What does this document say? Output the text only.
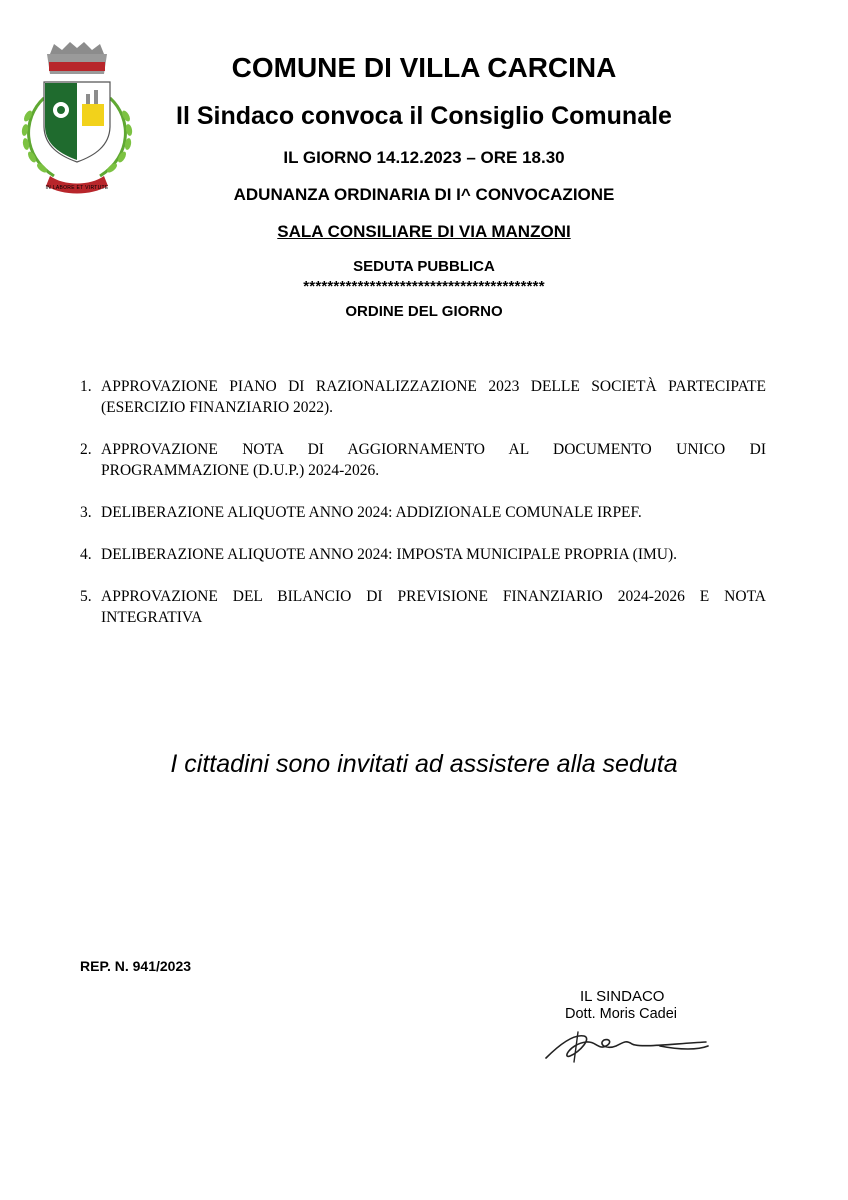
IN LABORE ET VIRTUTE
COMUNE DI VILLA CARCINA
Il Sindaco convoca il Consiglio Comunale
IL GIORNO 14.12.2023 – ORE 18.30
ADUNANZA ORDINARIA DI I^ CONVOCAZIONE
SALA CONSILIARE DI VIA MANZONI
SEDUTA PUBBLICA
****************************************
ORDINE DEL GIORNO
1. APPROVAZIONE PIANO DI RAZIONALIZZAZIONE 2023 DELLE SOCIETÀ PARTECIPATE (ESERCIZIO FINANZIARIO 2022).
2. APPROVAZIONE NOTA DI AGGIORNAMENTO AL DOCUMENTO UNICO DI PROGRAMMAZIONE (D.U.P.) 2024-2026.
3. DELIBERAZIONE ALIQUOTE ANNO 2024: ADDIZIONALE COMUNALE IRPEF.
4. DELIBERAZIONE ALIQUOTE ANNO 2024: IMPOSTA MUNICIPALE PROPRIA (IMU).
5. APPROVAZIONE DEL BILANCIO DI PREVISIONE FINANZIARIO 2024-2026 E NOTA INTEGRATIVA
I cittadini sono invitati ad assistere alla seduta
REP. N. 941/2023
IL SINDACO
Dott. Moris Cadei
